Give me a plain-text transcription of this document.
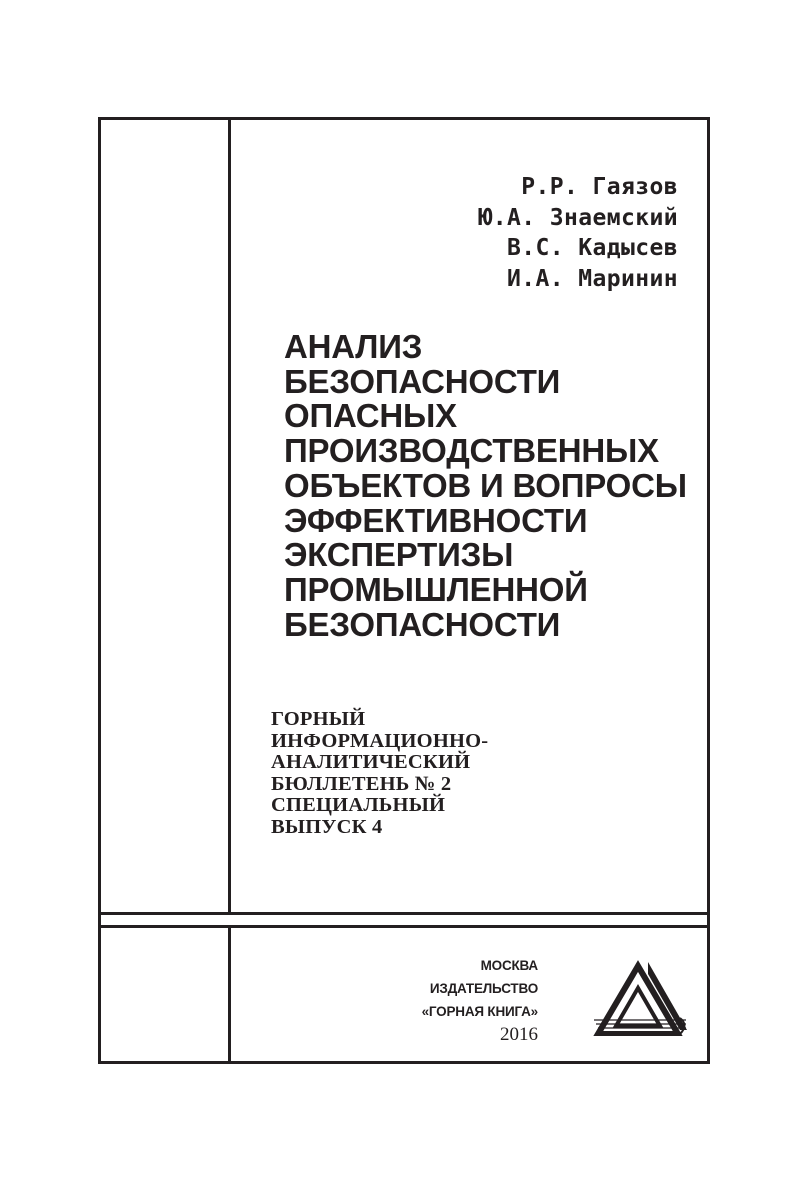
Р.Р. Гаязов
Ю.А. Знаемский
В.С. Кадысев
И.А. Маринин
АНАЛИЗ
БЕЗОПАСНОСТИ
ОПАСНЫХ
ПРОИЗВОДСТВЕННЫХ
ОБЪЕКТОВ И ВОПРОСЫ
ЭФФЕКТИВНОСТИ
ЭКСПЕРТИЗЫ
ПРОМЫШЛЕННОЙ
БЕЗОПАСНОСТИ
ГОРНЫЙ
ИНФОРМАЦИОННО-
АНАЛИТИЧЕСКИЙ
БЮЛЛЕТЕНЬ № 2
СПЕЦИАЛЬНЫЙ
ВЫПУСК 4
МОСКВА
ИЗДАТЕЛЬСТВО
«ГОРНАЯ КНИГА»
2016
